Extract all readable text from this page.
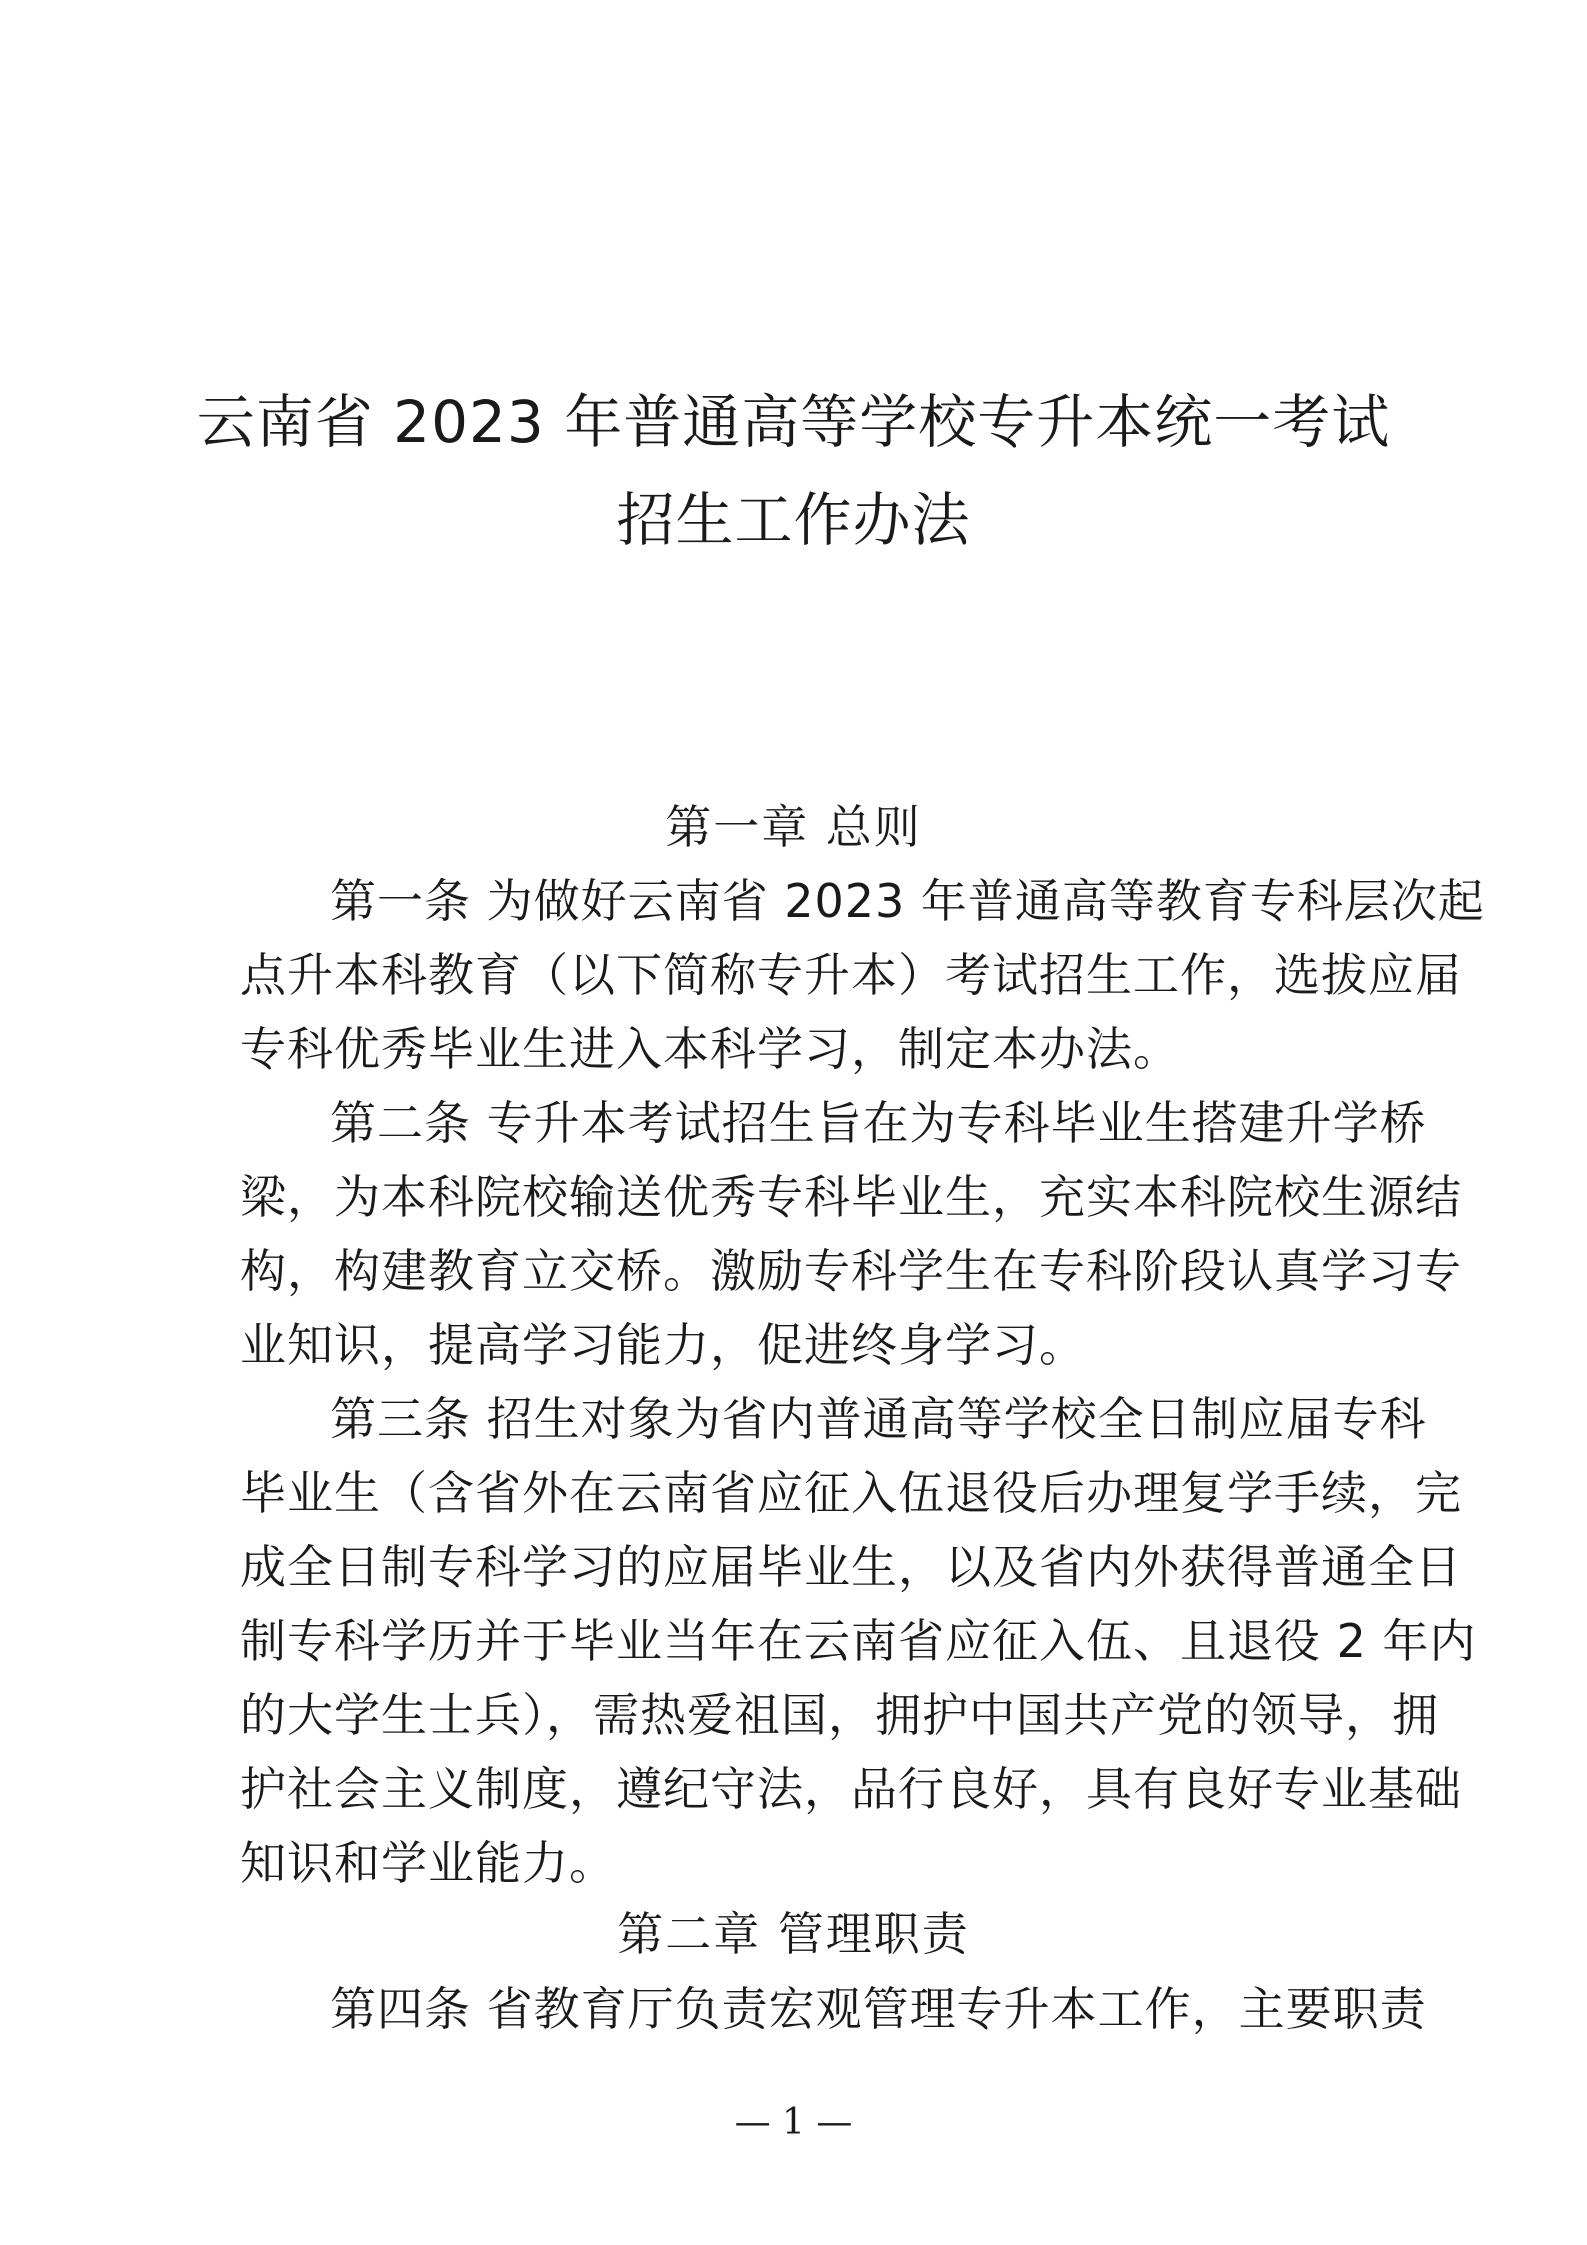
云南省 2023 年普通高等学校专升本统一考试
招生工作办法
第一章 总则
第一条 为做好云南省 2023 年普通高等教育专科层次起
点升本科教育（以下简称专升本）考试招生工作，选拔应届
专科优秀毕业生进入本科学习，制定本办法。
第二条 专升本考试招生旨在为专科毕业生搭建升学桥
梁，为本科院校输送优秀专科毕业生，充实本科院校生源结
构，构建教育立交桥。激励专科学生在专科阶段认真学习专
业知识，提高学习能力，促进终身学习。
第三条 招生对象为省内普通高等学校全日制应届专科
毕业生（含省外在云南省应征入伍退役后办理复学手续，完
成全日制专科学习的应届毕业生，以及省内外获得普通全日
制专科学历并于毕业当年在云南省应征入伍、且退役 2 年内
的大学生士兵），需热爱祖国，拥护中国共产党的领导，拥
护社会主义制度，遵纪守法，品行良好，具有良好专业基础
知识和学业能力。
第二章 管理职责
第四条 省教育厅负责宏观管理专升本工作，主要职责
— 1 —
